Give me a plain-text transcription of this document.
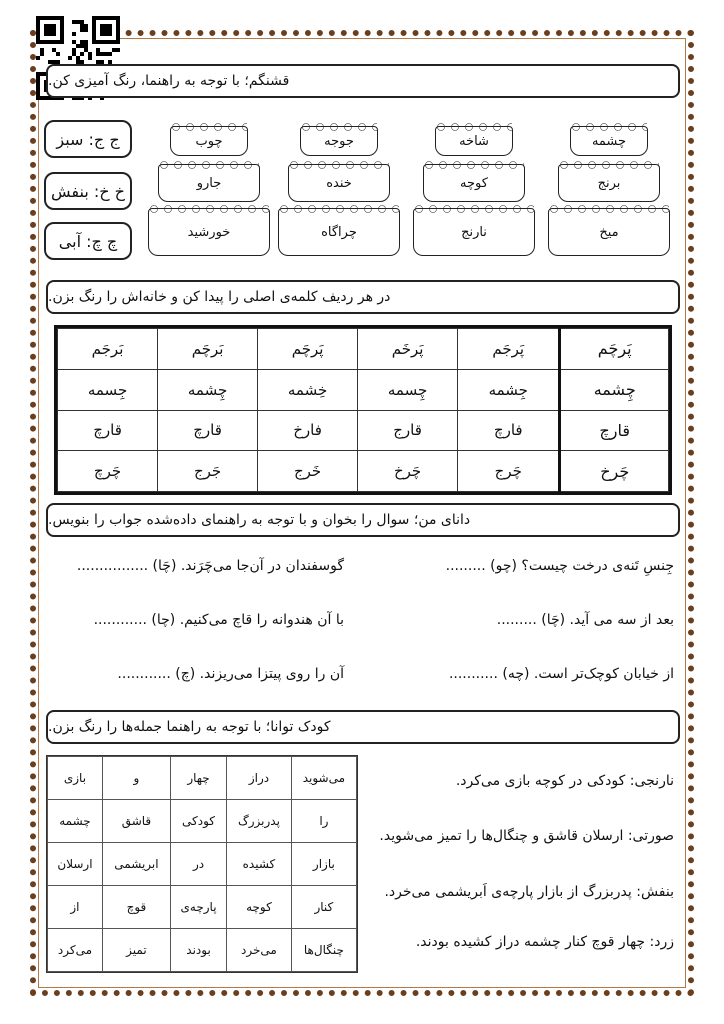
قشنگم؛ با توجه به راهنما، رنگ آمیزی کن.
ج ج: سبز
خ خ: بنفش
چ چ: آبی
چشمه
برنج
میخ
شاخه
کوچه
نارنج
جوجه
خنده
چراگاه
چوب
جارو
خورشید
در هر ردیف کلمه‌ی اصلی را پیدا کن و خانه‌اش را رنگ بزن.
پَرچَم	پَرجَم	پَرخَم	پَرچَم	بَرچَم	بَرجَم
چِشمه	جِشمه	چِسمه	خِشمه	چِشمه	جِسمه
قارچ	فارچ	قارج	فارخ	قارچ	قارچ
چَرخ	چَرج	چَرخ	خَرج	جَرج	چَرچ
دانای من؛ سوال را بخوان و با توجه به راهنمای داده‌شده جواب را بنویس.
جِنسِ تَنه‌ی درخت چیست؟ (چو) .........
گوسفندان در آن‌جا می‌چَرَند. (چَا) ................
بعد از سه می آید. (چَا) .........
با آن هندوانه را قاچ می‌کنیم. (چا) ............
از خیابان کوچک‌تر است. (چه) ...........
آن را روی پیتزا می‌ریزند. (چ) ............
کودک توانا؛ با توجه به راهنما جمله‌ها را رنگ بزن.
می‌شوید	دراز	چهار	و	بازی
را	پدربزرگ	کودکی	قاشق	چشمه
بازار	کشیده	در	ابریشمی	ارسلان
کنار	کوچه	پارچه‌ی	قوچ	از
چنگال‌ها	می‌خرد	بودند	تمیز	می‌کرد
نارنجی: کودکی در کوچه بازی می‌کرد.
صورتی: ارسلان قاشق و چنگال‌ها را تمیز می‌شوید.
بنفش: پدربزرگ از بازار پارچه‌ی اَبریشمی می‌خرد.
زرد: چهار قوچ کنار چشمه دراز کشیده بودند.
